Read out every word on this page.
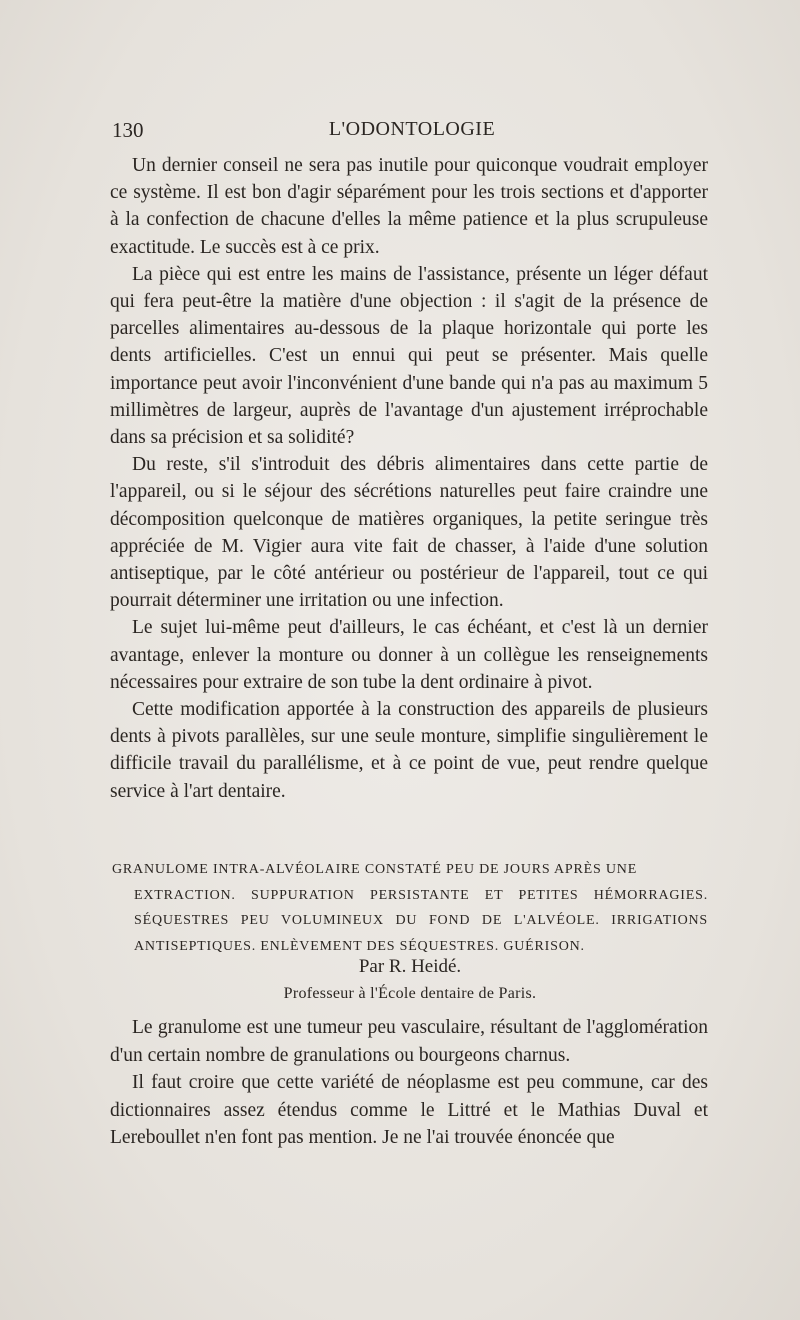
130	L'ODONTOLOGIE

Un dernier conseil ne sera pas inutile pour quiconque voudrait employer ce système. Il est bon d'agir séparément pour les trois sections et d'apporter à la confection de chacune d'elles la même patience et la plus scrupuleuse exactitude. Le succès est à ce prix.

La pièce qui est entre les mains de l'assistance, présente un léger défaut qui fera peut-être la matière d'une objection : il s'agit de la présence de parcelles alimentaires au-dessous de la plaque horizontale qui porte les dents artificielles. C'est un ennui qui peut se présenter. Mais quelle importance peut avoir l'inconvénient d'une bande qui n'a pas au maximum 5 millimètres de largeur, auprès de l'avantage d'un ajustement irréprochable dans sa précision et sa solidité?

Du reste, s'il s'introduit des débris alimentaires dans cette partie de l'appareil, ou si le séjour des sécrétions naturelles peut faire craindre une décomposition quelconque de matières organiques, la petite seringue très appréciée de M. Vigier aura vite fait de chasser, à l'aide d'une solution antiseptique, par le côté antérieur ou postérieur de l'appareil, tout ce qui pourrait déterminer une irritation ou une infection.

Le sujet lui-même peut d'ailleurs, le cas échéant, et c'est là un dernier avantage, enlever la monture ou donner à un collègue les renseignements nécessaires pour extraire de son tube la dent ordinaire à pivot.

Cette modification apportée à la construction des appareils de plusieurs dents à pivots parallèles, sur une seule monture, simplifie singulièrement le difficile travail du parallélisme, et à ce point de vue, peut rendre quelque service à l'art dentaire.

GRANULOME INTRA-ALVÉOLAIRE CONSTATÉ PEU DE JOURS APRÈS UNE
EXTRACTION. SUPPURATION PERSISTANTE ET PETITES HÉMORRAGIES. SÉQUESTRES PEU VOLUMINEUX DU FOND DE L'ALVÉOLE. IRRIGATIONS ANTISEPTIQUES. ENLÈVEMENT DES SÉQUESTRES. GUÉRISON.
Par R. Heidé.
Professeur à l'École dentaire de Paris.

Le granulome est une tumeur peu vasculaire, résultant de l'agglomération d'un certain nombre de granulations ou bourgeons charnus.

Il faut croire que cette variété de néoplasme est peu commune, car des dictionnaires assez étendus comme le Littré et le Mathias Duval et Lereboullet n'en font pas mention. Je ne l'ai trouvée énoncée que
